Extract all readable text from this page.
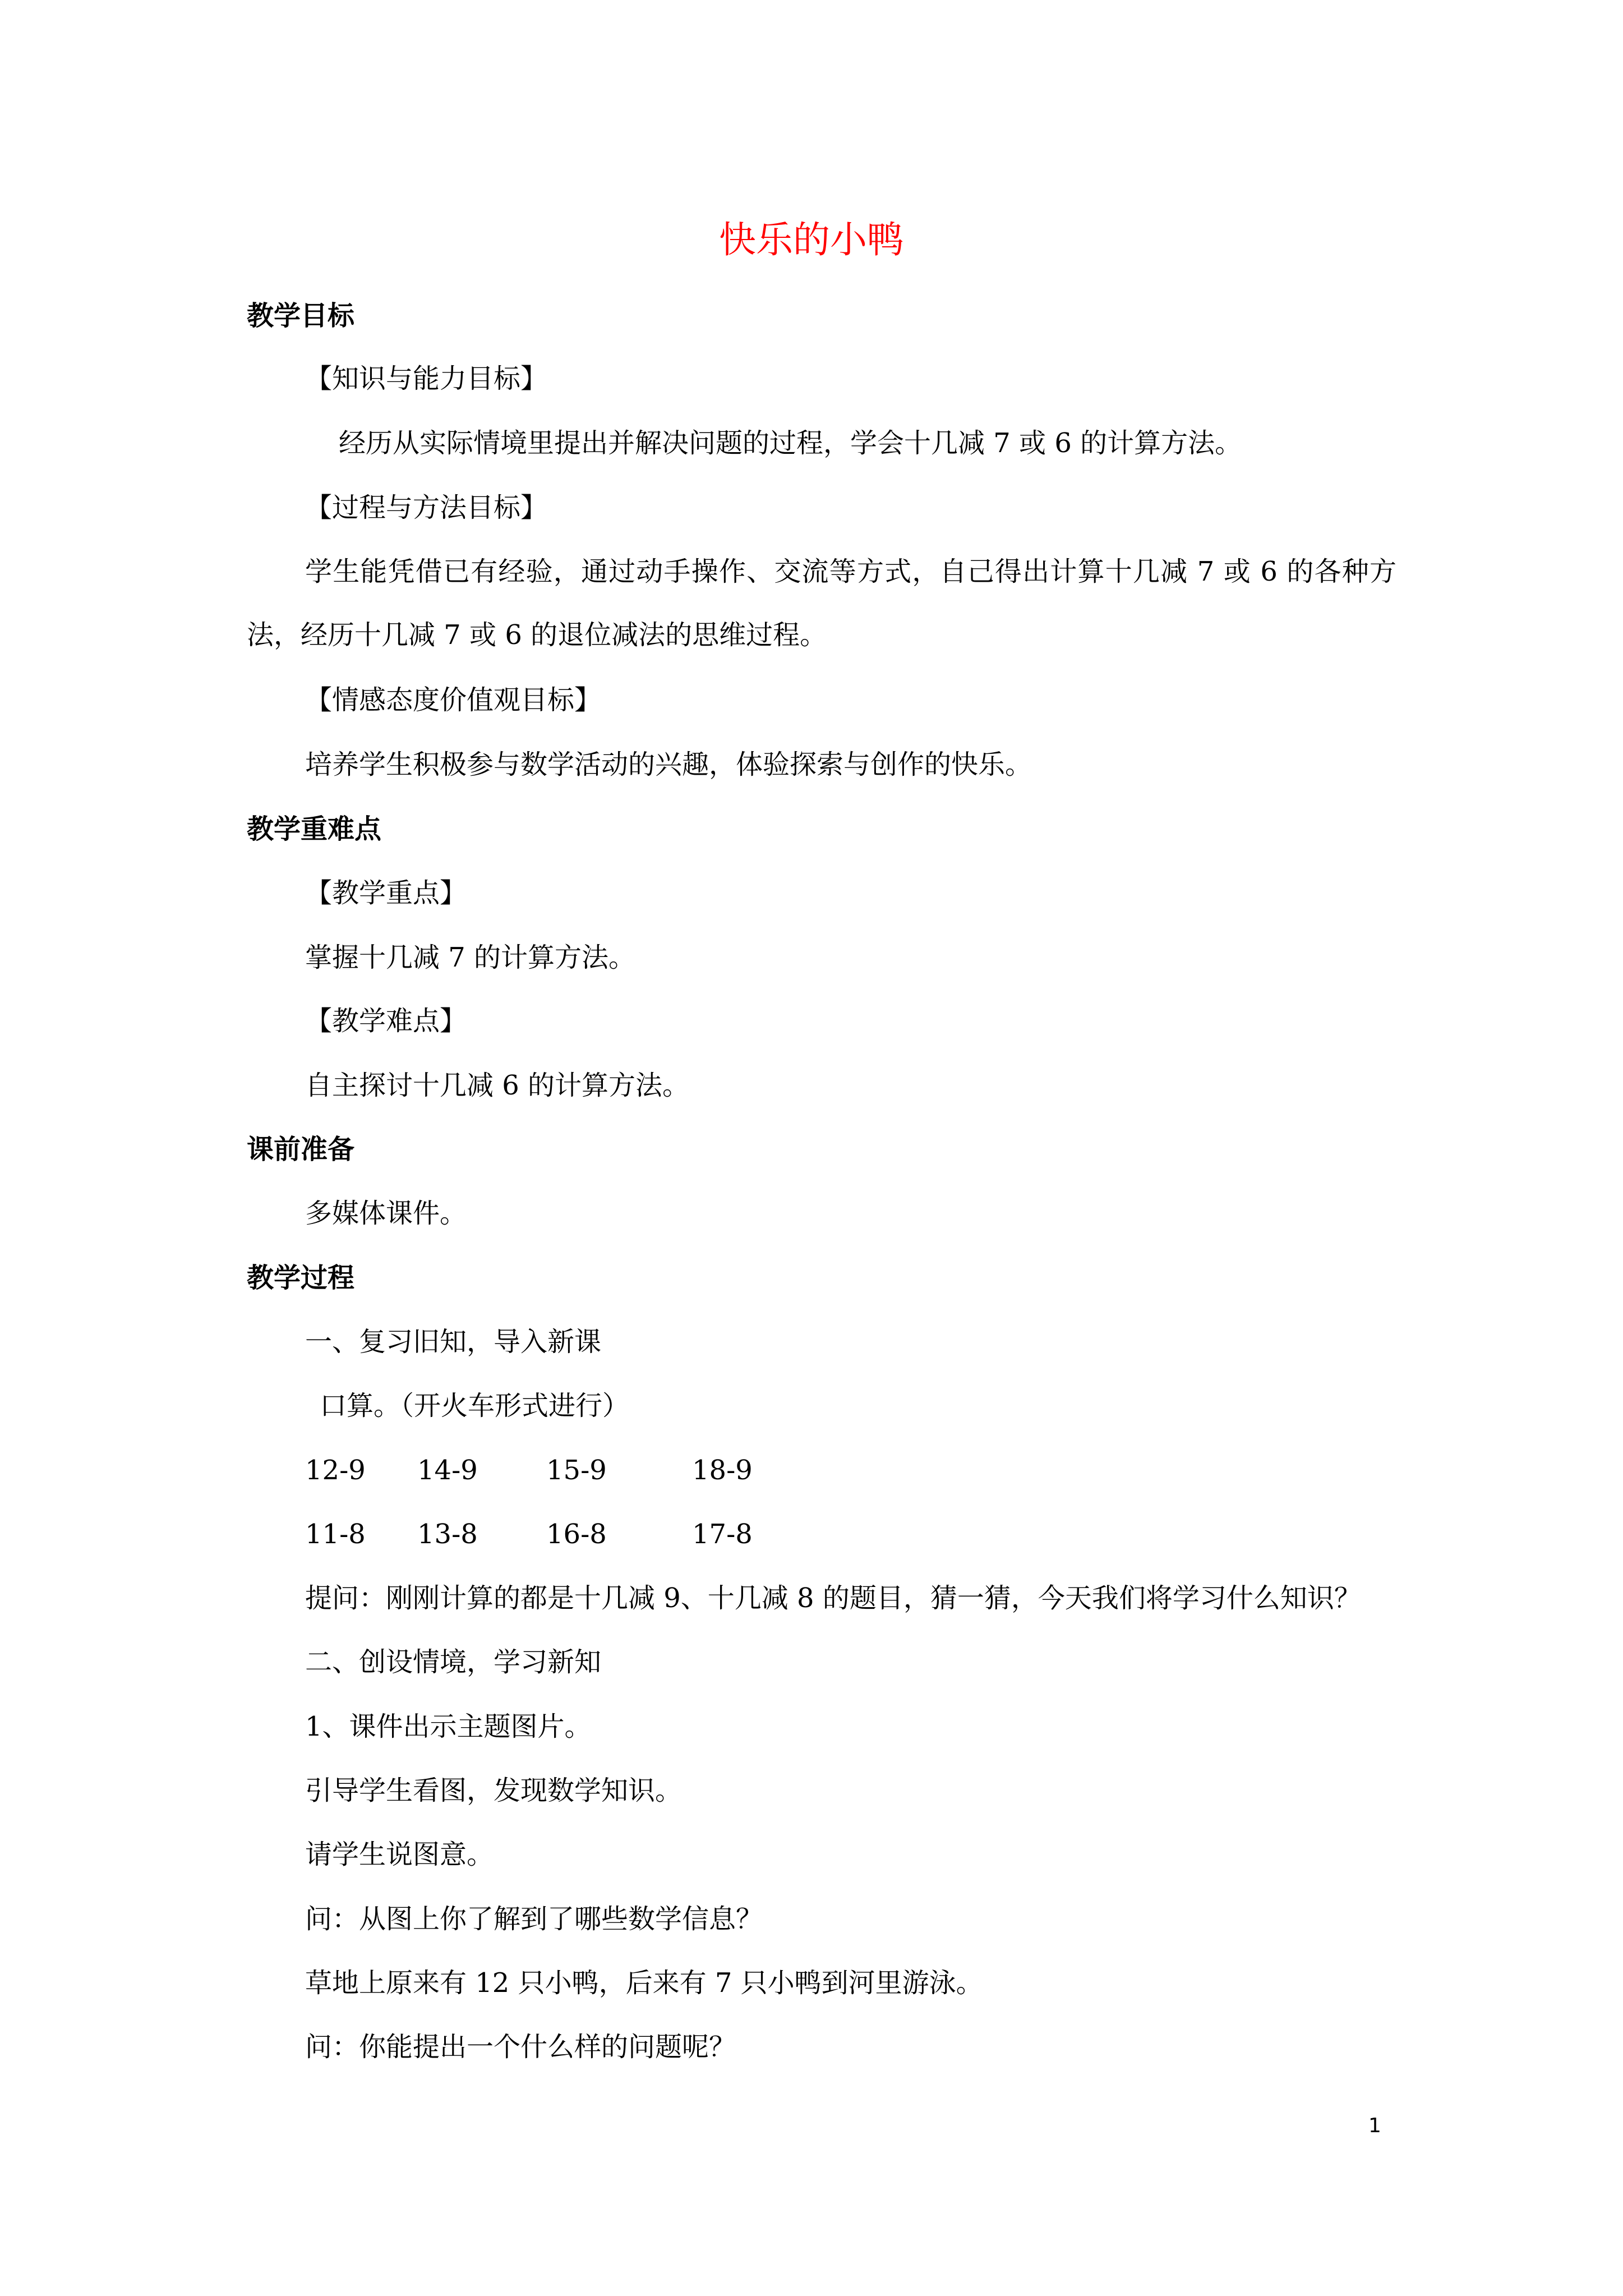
快乐的小鸭
教学目标
【知识与能力目标】
经历从实际情境里提出并解决问题的过程，学会十几减 7 或 6 的计算方法。
【过程与方法目标】
学生能凭借已有经验，通过动手操作、交流等方式，自己得出计算十几减 7 或 6 的各种方法，经历十几减 7 或 6 的退位减法的思维过程。
【情感态度价值观目标】
培养学生积极参与数学活动的兴趣，体验探索与创作的快乐。
教学重难点
【教学重点】
掌握十几减 7 的计算方法。
【教学难点】
自主探讨十几减 6 的计算方法。
课前准备
多媒体课件。
教学过程
一、复习旧知，导入新课
口算。（开火车形式进行）
12-9 14-9	15-9	18-9
11-8 13-8	16-8	17-8
提问：刚刚计算的都是十几减 9、十几减 8 的题目，猜一猜，今天我们将学习什么知识？
二、创设情境，学习新知
1、课件出示主题图片。
引导学生看图，发现数学知识。
请学生说图意。
问：从图上你了解到了哪些数学信息？
草地上原来有 12 只小鸭，后来有 7 只小鸭到河里游泳。
问：你能提出一个什么样的问题呢？
1
